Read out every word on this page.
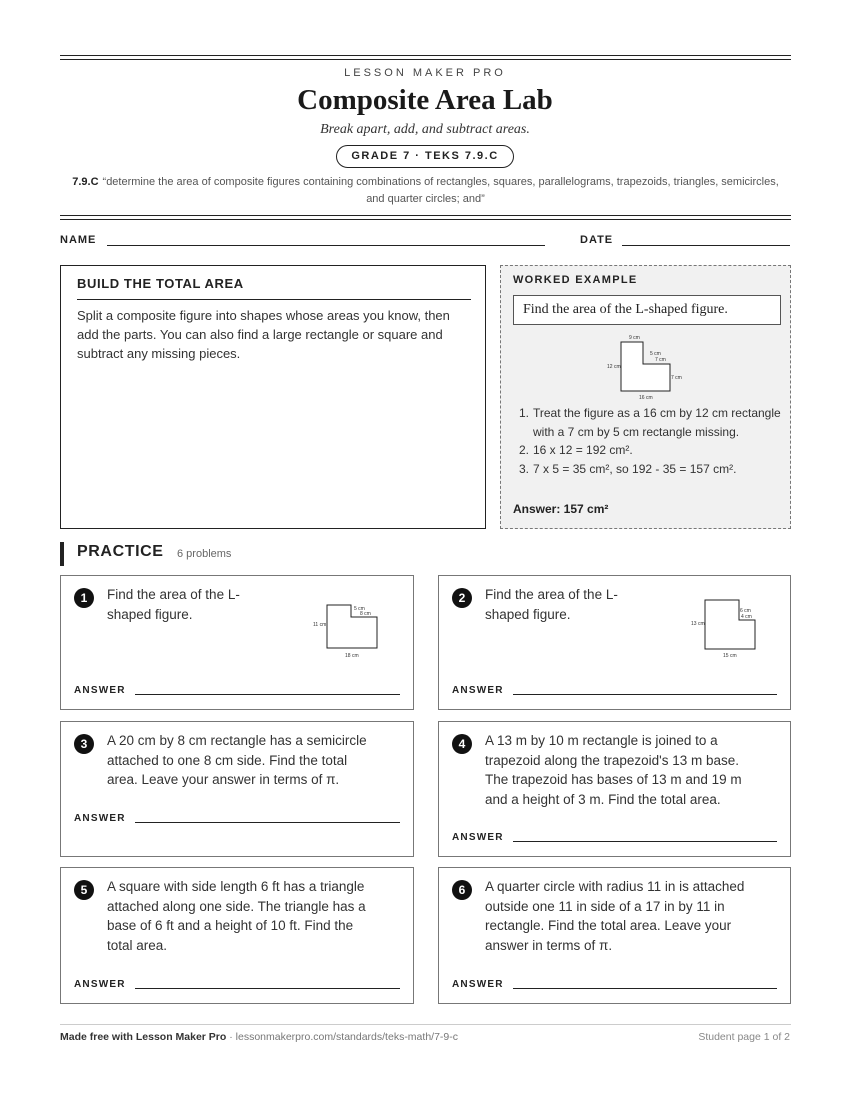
LESSON MAKER PRO
Composite Area Lab
Break apart, add, and subtract areas.
GRADE 7 · TEKS 7.9.C
7.9.C “determine the area of composite figures containing combinations of rectangles, squares, parallelograms, trapezoids, triangles, semicircles, and quarter circles; and”
NAME	DATE
BUILD THE TOTAL AREA
Split a composite figure into shapes whose areas you know, then add the parts. You can also find a large rectangle or square and subtract any missing pieces.
WORKED EXAMPLE
Find the area of the L-shaped figure.
9 cm
5 cm
7 cm
7 cm
12 cm
16 cm
1. Treat the figure as a 16 cm by 12 cm rectangle with a 7 cm by 5 cm rectangle missing.
2. 16 x 12 = 192 cm².
3. 7 x 5 = 35 cm², so 192 - 35 = 157 cm².
Answer: 157 cm²
PRACTICE 6 problems
1	Find the area of the L-
shaped figure.	5 cm
8 cm
11 cm
18 cm
ANSWER
2	Find the area of the L-
shaped figure.	6 cm
4 cm
13 cm
15 cm
ANSWER
3	A 20 cm by 8 cm rectangle has a semicircle
attached to one 8 cm side. Find the total
area. Leave your answer in terms of π.
ANSWER
4	A 13 m by 10 m rectangle is joined to a
trapezoid along the trapezoid's 13 m base.
The trapezoid has bases of 13 m and 19 m
and a height of 3 m. Find the total area.
ANSWER
5	A square with side length 6 ft has a triangle
attached along one side. The triangle has a
base of 6 ft and a height of 10 ft. Find the
total area.
ANSWER
6	A quarter circle with radius 11 in is attached
outside one 11 in side of a 17 in by 11 in
rectangle. Find the total area. Leave your
answer in terms of π.
ANSWER
Made free with Lesson Maker Pro · lessonmakerpro.com/standards/teks-math/7-9-c	Student page 1 of 2
